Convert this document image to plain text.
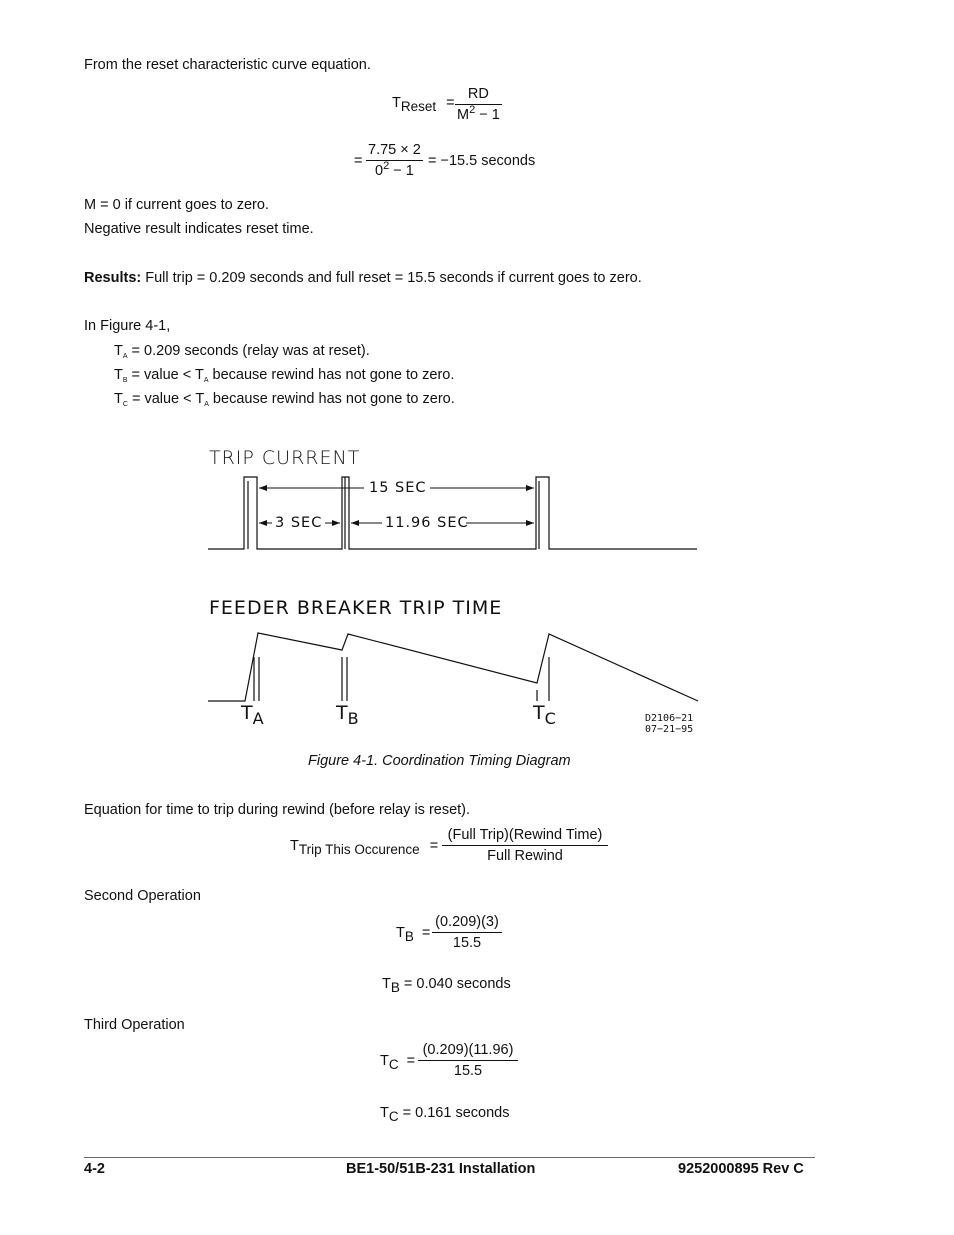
From the reset characteristic curve equation.
TReset = $\frac{RD}{M^2 - 1}$
= $\frac{7.75 \times 2}{0^2 - 1} = -15.5$ seconds
M = 0 if current goes to zero.
Negative result indicates reset time.
Results: Full trip = 0.209 seconds and full reset = 15.5 seconds if current goes to zero.
In Figure 4-1,
$T_A = 0.209$ seconds (relay was at reset).
$T_B$ = value < $T_A$ because rewind has not gone to zero.
$T_C$ = value < $T_A$ because rewind has not gone to zero.
TRIP CURRENT
15 SEC
3 SEC	11.96 SEC
FEEDER BREAKER TRIP TIME
$T_A$	$T_B$	$T_C$	D2106−21
07−21−95
Figure 4-1. Coordination Timing Diagram
Equation for time to trip during rewind (before relay is reset).
TTrip This Occurence =
(Full Trip)(Rewind Time)
Full Rewind
Second Operation
TB = $\frac{(0.209)(3)}{15.5}$
TB = 0.040 seconds
Third Operation
TC = $\frac{(0.209)(11.96)}{15.5}$
TC = 0.161 seconds
4-2	BE1-50/51B-231 Installation	9252000895 Rev C
